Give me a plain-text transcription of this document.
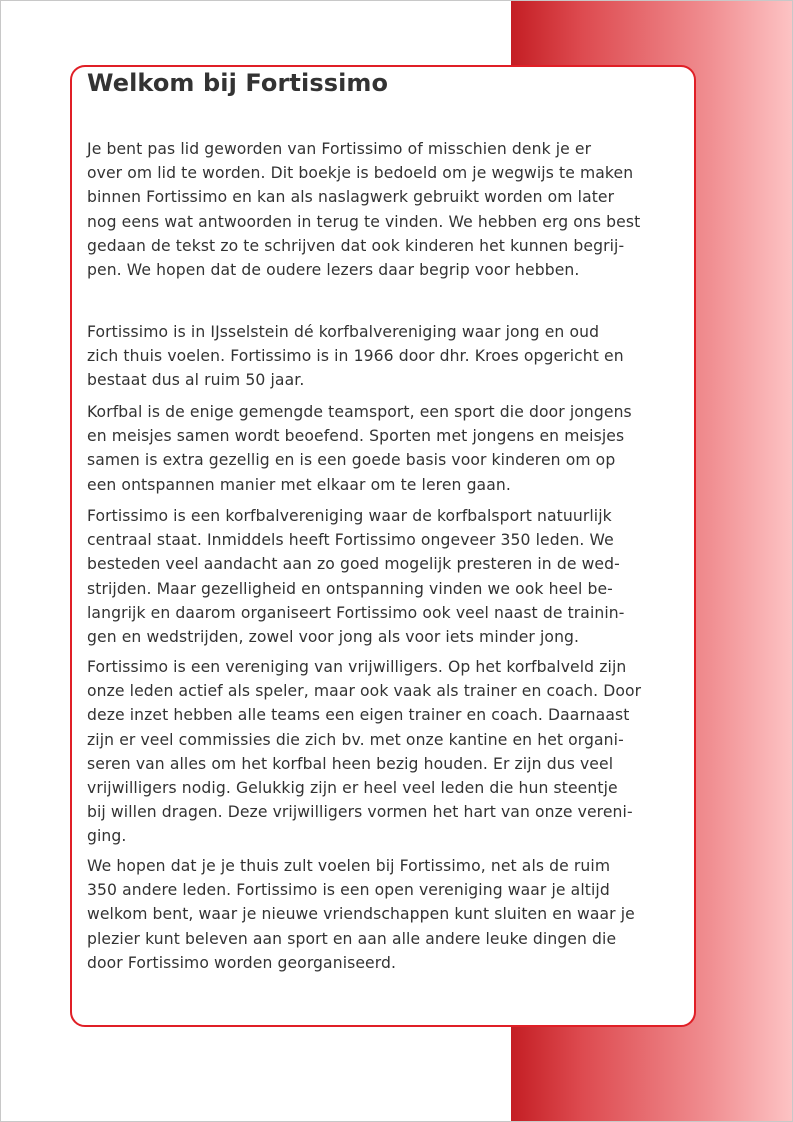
Welkom bij Fortissimo

Je bent pas lid geworden van Fortissimo of misschien denk je er
over om lid te worden. Dit boekje is bedoeld om je wegwijs te maken
binnen Fortissimo en kan als naslagwerk gebruikt worden om later
nog eens wat antwoorden in terug te vinden. We hebben erg ons best
gedaan de tekst zo te schrijven dat ook kinderen het kunnen begrij-
pen. We hopen dat de oudere lezers daar begrip voor hebben.

Fortissimo is in IJsselstein dé korfbalvereniging waar jong en oud
zich thuis voelen. Fortissimo is in 1966 door dhr. Kroes opgericht en
bestaat dus al ruim 50 jaar.

Korfbal is de enige gemengde teamsport, een sport die door jongens
en meisjes samen wordt beoefend. Sporten met jongens en meisjes
samen is extra gezellig en is een goede basis voor kinderen om op
een ontspannen manier met elkaar om te leren gaan.

Fortissimo is een korfbalvereniging waar de korfbalsport natuurlijk
centraal staat. Inmiddels heeft Fortissimo ongeveer 350 leden. We
besteden veel aandacht aan zo goed mogelijk presteren in de wed-
strijden. Maar gezelligheid en ontspanning vinden we ook heel be-
langrijk en daarom organiseert Fortissimo ook veel naast de trainin-
gen en wedstrijden, zowel voor jong als voor iets minder jong.

Fortissimo is een vereniging van vrijwilligers. Op het korfbalveld zijn
onze leden actief als speler, maar ook vaak als trainer en coach. Door
deze inzet hebben alle teams een eigen trainer en coach. Daarnaast
zijn er veel commissies die zich bv. met onze kantine en het organi-
seren van alles om het korfbal heen bezig houden. Er zijn dus veel
vrijwilligers nodig. Gelukkig zijn er heel veel leden die hun steentje
bij willen dragen. Deze vrijwilligers vormen het hart van onze vereni-
ging.

We hopen dat je je thuis zult voelen bij Fortissimo, net als de ruim
350 andere leden. Fortissimo is een open vereniging waar je altijd
welkom bent, waar je nieuwe vriendschappen kunt sluiten en waar je
plezier kunt beleven aan sport en aan alle andere leuke dingen die
door Fortissimo worden georganiseerd.
